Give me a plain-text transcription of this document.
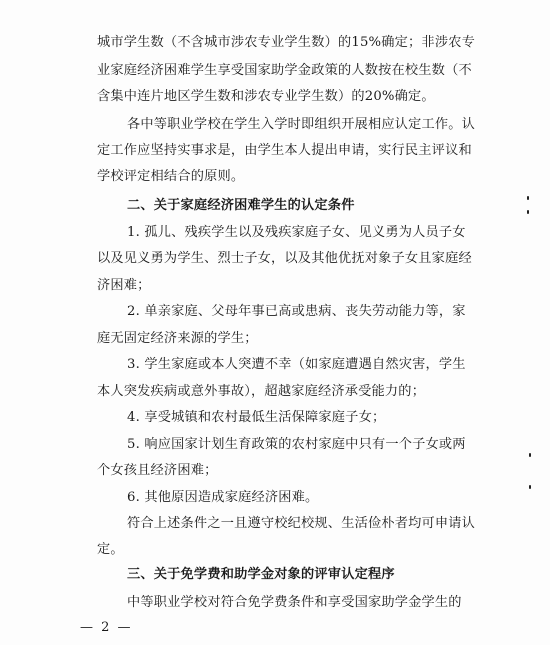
城市学生数（不含城市涉农专业学生数）的15%确定；非涉农专
业家庭经济困难学生享受国家助学金政策的人数按在校生数（不
含集中连片地区学生数和涉农专业学生数）的20%确定。
各中等职业学校在学生入学时即组织开展相应认定工作。认
定工作应坚持实事求是，由学生本人提出申请，实行民主评议和
学校评定相结合的原则。
二、关于家庭经济困难学生的认定条件
1. 孤儿、残疾学生以及残疾家庭子女、见义勇为人员子女
以及见义勇为学生、烈士子女，以及其他优抚对象子女且家庭经
济困难；
2. 单亲家庭、父母年事已高或患病、丧失劳动能力等，家
庭无固定经济来源的学生；
3. 学生家庭或本人突遭不幸（如家庭遭遇自然灾害，学生
本人突发疾病或意外事故），超越家庭经济承受能力的；
4. 享受城镇和农村最低生活保障家庭子女；
5. 响应国家计划生育政策的农村家庭中只有一个子女或两
个女孩且经济困难；
6. 其他原因造成家庭经济困难。
符合上述条件之一且遵守校纪校规、生活俭朴者均可申请认
定。
三、关于免学费和助学金对象的评审认定程序
中等职业学校对符合免学费条件和享受国家助学金学生的
— 2 —
